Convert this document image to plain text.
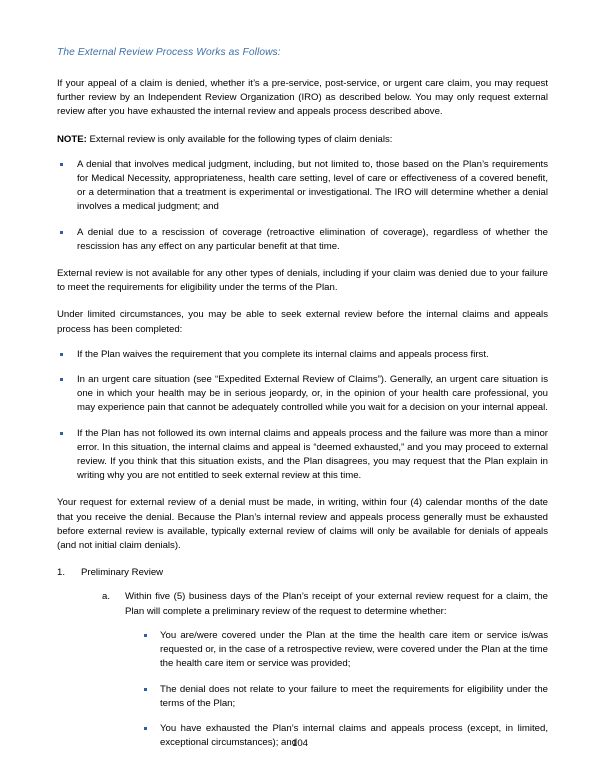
The External Review Process Works as Follows:

If your appeal of a claim is denied, whether it’s a pre-service, post-service, or urgent care claim, you may request further review by an Independent Review Organization (IRO) as described below. You may only request external review after you have exhausted the internal review and appeals process described above.

NOTE: External review is only available for the following types of claim denials:

A denial that involves medical judgment, including, but not limited to, those based on the Plan’s requirements for Medical Necessity, appropriateness, health care setting, level of care or effectiveness of a covered benefit, or a determination that a treatment is experimental or investigational. The IRO will determine whether a denial involves a medical judgment; and
A denial due to a rescission of coverage (retroactive elimination of coverage), regardless of whether the rescission has any effect on any particular benefit at that time.

External review is not available for any other types of denials, including if your claim was denied due to your failure to meet the requirements for eligibility under the terms of the Plan.

Under limited circumstances, you may be able to seek external review before the internal claims and appeals process has been completed:

If the Plan waives the requirement that you complete its internal claims and appeals process first.
In an urgent care situation (see “Expedited External Review of Claims”). Generally, an urgent care situation is one in which your health may be in serious jeopardy, or, in the opinion of your health care professional, you may experience pain that cannot be adequately controlled while you wait for a decision on your internal appeal.
If the Plan has not followed its own internal claims and appeals process and the failure was more than a minor error. In this situation, the internal claims and appeal is “deemed exhausted,” and you may proceed to external review. If you think that this situation exists, and the Plan disagrees, you may request that the Plan explain in writing why you are not entitled to seek external review at this time.

Your request for external review of a denial must be made, in writing, within four (4) calendar months of the date that you receive the denial. Because the Plan’s internal review and appeals process generally must be exhausted before external review is available, typically external review of claims will only be available for denials of appeals (and not initial claim denials).

1.	Preliminary Review
a.	Within five (5) business days of the Plan’s receipt of your external review request for a claim, the Plan will complete a preliminary review of the request to determine whether:
You are/were covered under the Plan at the time the health care item or service is/was requested or, in the case of a retrospective review, were covered under the Plan at the time the health care item or service was provided;
The denial does not relate to your failure to meet the requirements for eligibility under the terms of the Plan;
You have exhausted the Plan’s internal claims and appeals process (except, in limited, exceptional circumstances); and
104
